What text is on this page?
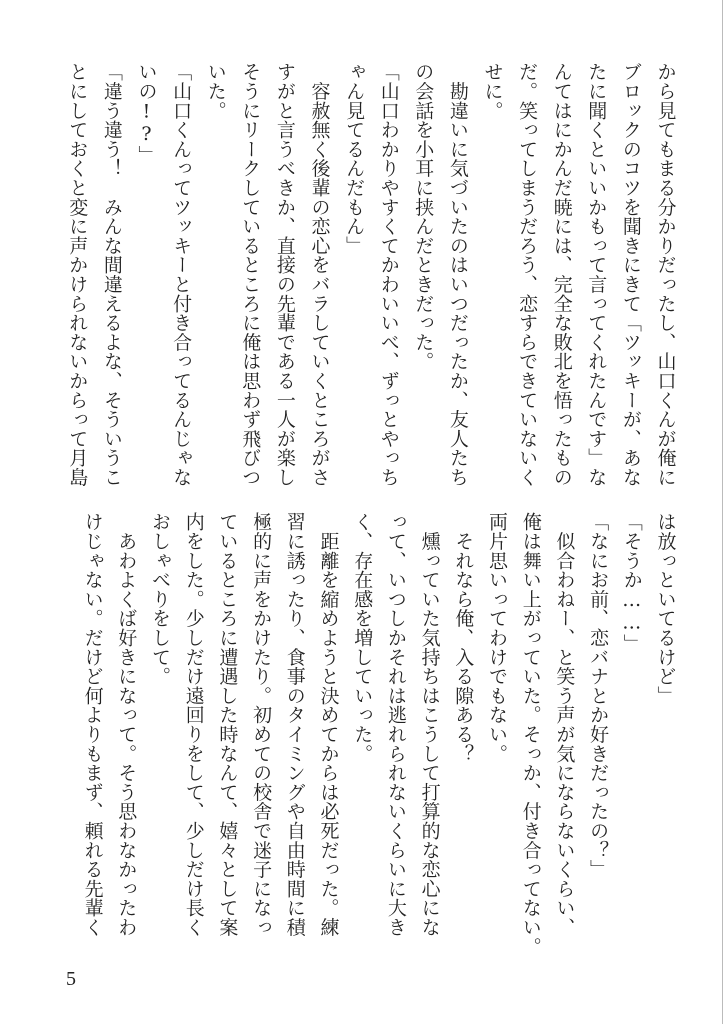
から見てもまる分かりだったし、山口くんが俺に
ブロックのコツを聞きにきて「ツッキーが、あな
たに聞くといいかもって言ってくれたんです」な
んてはにかんだ暁には、完全な敗北を悟ったもの
だ。笑ってしまうだろう、恋すらできていないく
せに。
　勘違いに気づいたのはいつだったか、友人たち
の会話を小耳に挟んだときだった。
「山口わかりやすくてかわいいべ、ずっとやっち
ゃん見てるんだもん」
　容赦無く後輩の恋心をバラしていくところがさ
すがと言うべきか、直接の先輩である一人が楽し
そうにリークしているところに俺は思わず飛びつ
いた。
「山口くんってツッキーと付き合ってるんじゃな
いの!?」
「違う違う！　みんな間違えるよな、そういうこ
とにしておくと変に声かけられないからって月島
は放っといてるけど」
「そうか……」
「なにお前、恋バナとか好きだったの？」
　似合わねー、と笑う声が気にならないくらい、
俺は舞い上がっていた。そっか、付き合ってない。
両片思いってわけでもない。
　それなら俺、入る隙ある？
　燻っていた気持ちはこうして打算的な恋心にな
って、いつしかそれは逃れられないくらいに大き
く、存在感を増していった。
　距離を縮めようと決めてからは必死だった。練
習に誘ったり、食事のタイミングや自由時間に積
極的に声をかけたり。初めての校舎で迷子になっ
ているところに遭遇した時なんて、嬉々として案
内をした。少しだけ遠回りをして、少しだけ長く
おしゃべりをして。
　あわよくば好きになって。そう思わなかったわ
けじゃない。だけど何よりもまず、頼れる先輩く
5
